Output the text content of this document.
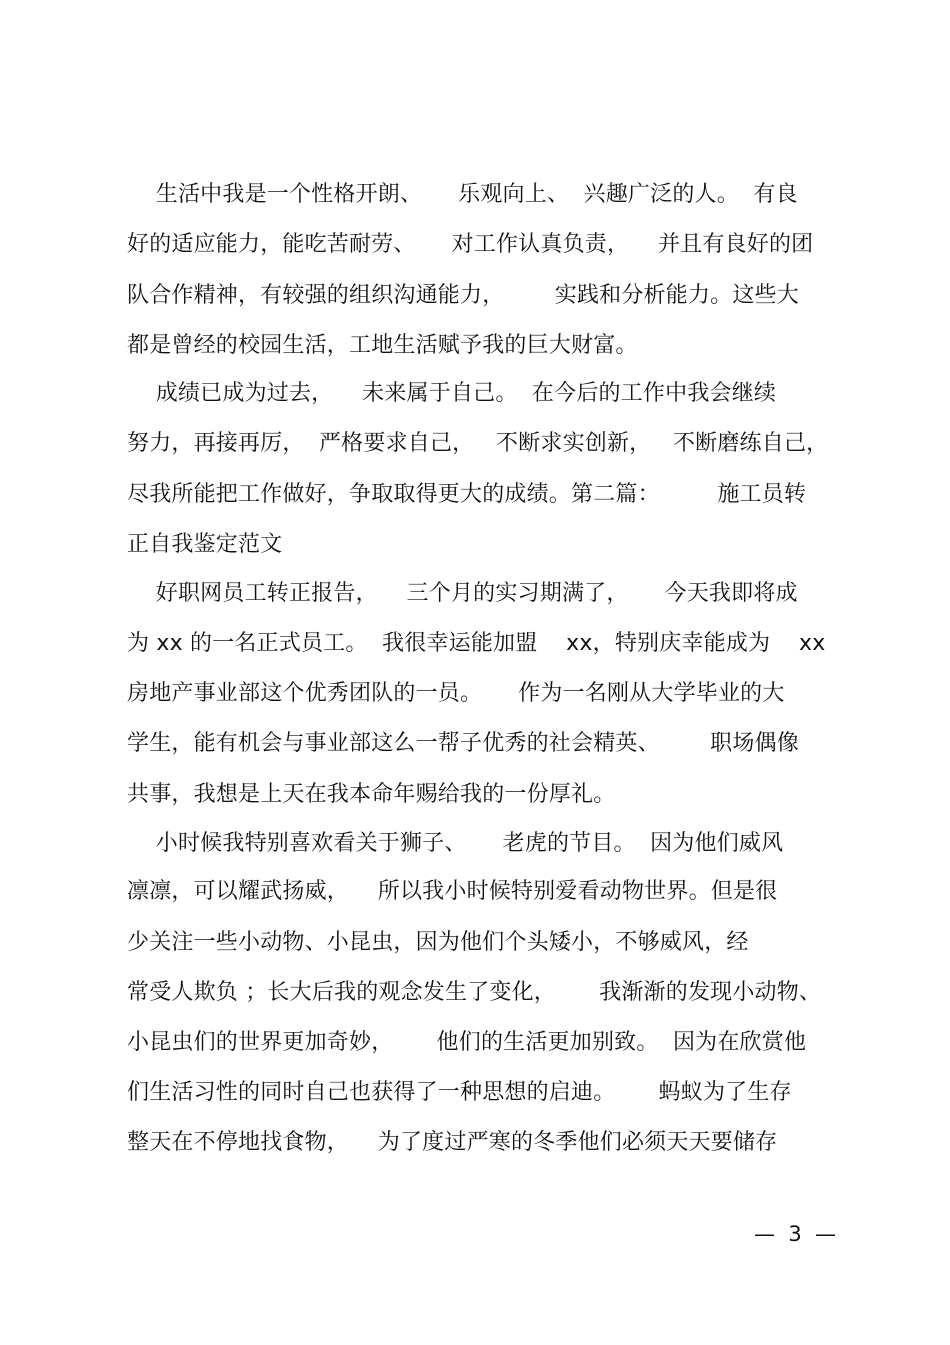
生活中我是一个性格开朗、     乐观向上、  兴趣广泛的人。  有良
好的适应能力，能吃苦耐劳、     对工作认真负责，    并且有良好的团
队合作精神，有较强的组织沟通能力，       实践和分析能力。这些大
都是曾经的校园生活，工地生活赋予我的巨大财富。
成绩已成为过去，    未来属于自己。  在今后的工作中我会继续
努力，再接再厉，  严格要求自己，   不断求实创新，   不断磨练自己，
尽我所能把工作做好，争取取得更大的成绩。第二篇：        施工员转
正自我鉴定范文
好职网员工转正报告，    三个月的实习期满了，     今天我即将成
为 xx 的一名正式员工。  我很幸运能加盟    xx，特别庆幸能成为    xx
房地产事业部这个优秀团队的一员。     作为一名刚从大学毕业的大
学生，能有机会与事业部这么一帮子优秀的社会精英、       职场偶像
共事，我想是上天在我本命年赐给我的一份厚礼。
小时候我特别喜欢看关于狮子、     老虎的节目。  因为他们威风
凛凛，可以耀武扬威，    所以我小时候特别爱看动物世界。但是很
少关注一些小动物、小昆虫，因为他们个头矮小，不够威风，经
常受人欺负 ；长大后我的观念发生了变化，      我渐渐的发现小动物、
小昆虫们的世界更加奇妙，      他们的生活更加别致。  因为在欣赏他
们生活习性的同时自己也获得了一种思想的启迪。      蚂蚁为了生存
整天在不停地找食物，    为了度过严寒的冬季他们必须天天要储存
—  3  —
